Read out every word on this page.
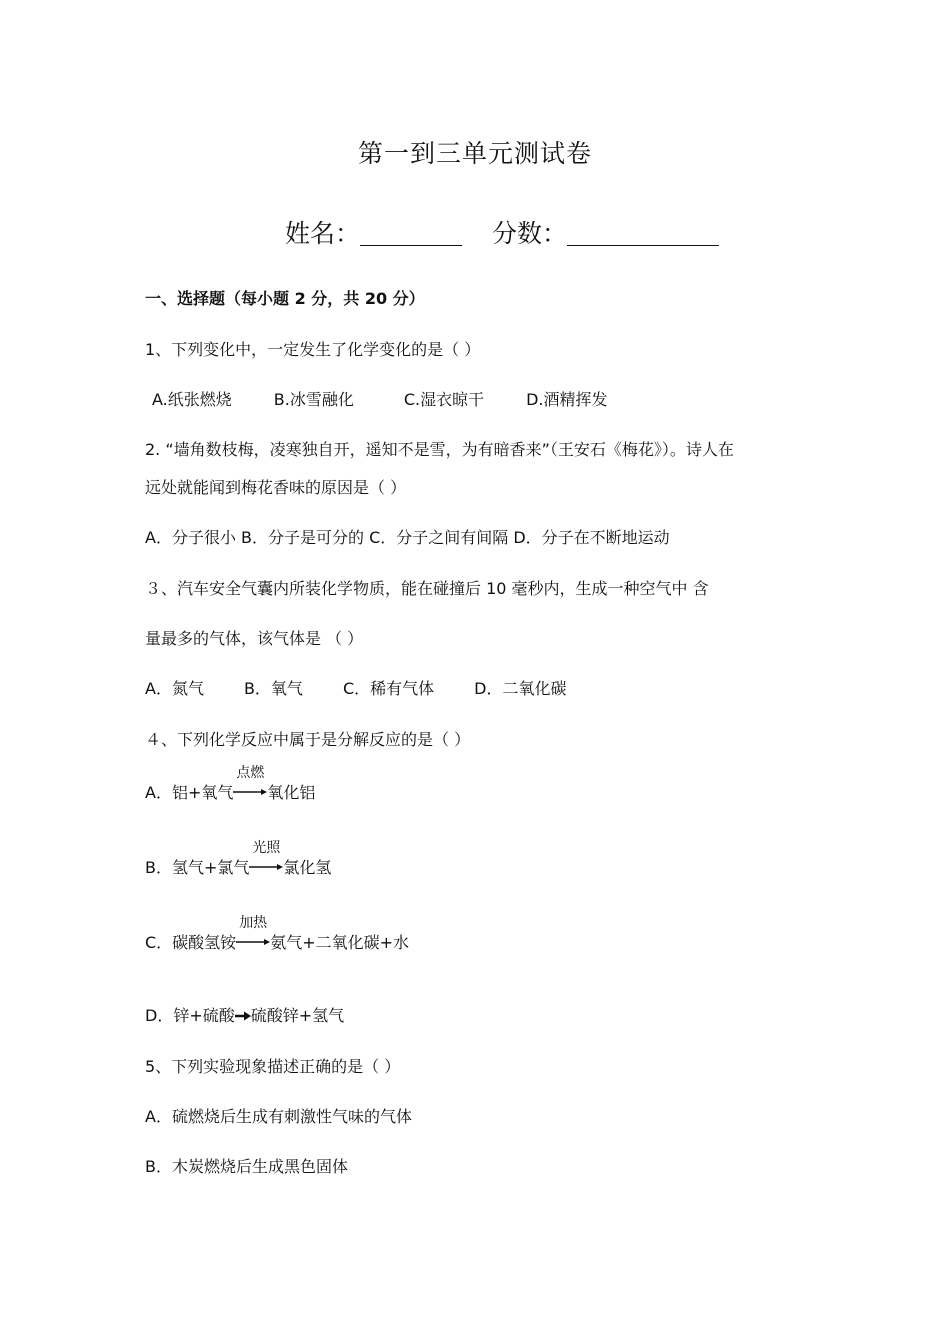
第一到三单元测试卷
姓名：	分数：
一、选择题（每小题 2 分，共 20 分）
1、下列变化中，一定发生了化学变化的是（ ）
A.纸张燃烧	B.冰雪融化	C.湿衣晾干	D.酒精挥发
2. “墙角数枝梅，凌寒独自开，遥知不是雪，为有暗香来”（王安石《梅花》）。诗人在
远处就能闻到梅花香味的原因是（ ）
A．分子很小 B．分子是可分的 C．分子之间有间隔 D．分子在不断地运动
３、汽车安全气囊内所装化学物质，能在碰撞后 10 毫秒内，生成一种空气中 含
量最多的气体，该气体是 （ ）
A．氮气	B．氧气	C．稀有气体	D．二氧化碳
４、下列化学反应中属于是分解反应的是（ ）
A．铝+氧气
点燃
氧化铝
B．氢气+氯气
光照
氯化氢
C．碳酸氢铵
加热
氨气+二氧化碳+水
D．锌+硫酸 硫酸锌+氢气
5、下列实验现象描述正确的是（ ）
A．硫燃烧后生成有刺激性气味的气体
B．木炭燃烧后生成黑色固体
